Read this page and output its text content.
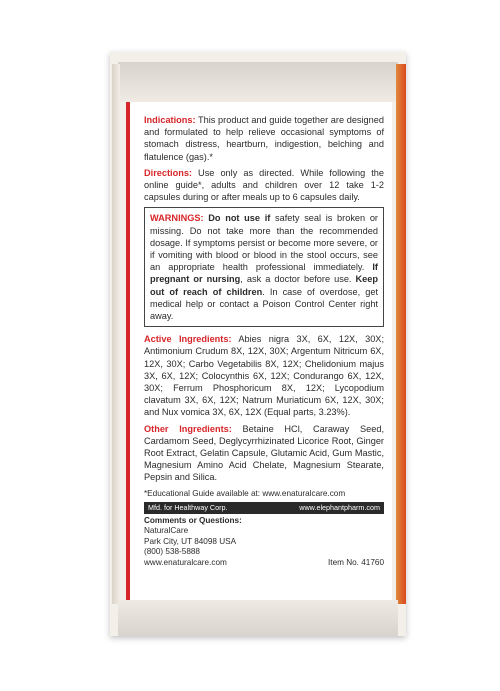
Indications: This product and guide together are designed and formulated to help relieve occasional symptoms of stomach distress, heartburn, indigestion, belching and flatulence (gas).*
Directions: Use only as directed. While following the online guide*, adults and children over 12 take 1-2 capsules during or after meals up to 6 capsules daily.
WARNINGS: Do not use if safety seal is broken or missing. Do not take more than the recommended dosage. If symptoms persist or become more severe, or if vomiting with blood or blood in the stool occurs, see an appropriate health professional immediately. If pregnant or nursing, ask a doctor before use. Keep out of reach of children. In case of overdose, get medical help or contact a Poison Control Center right away.
Active Ingredients: Abies nigra 3X, 6X, 12X, 30X; Antimonium Crudum 8X, 12X, 30X; Argentum Nitricum 6X, 12X, 30X; Carbo Vegetabilis 8X, 12X; Chelidonium majus 3X, 6X, 12X; Colocynthis 6X, 12X; Condurango 6X, 12X, 30X; Ferrum Phosphoricum 8X, 12X; Lycopodium clavatum 3X, 6X, 12X; Natrum Muriaticum 6X, 12X, 30X; and Nux vomica 3X, 6X, 12X (Equal parts, 3.23%).
Other Ingredients: Betaine HCl, Caraway Seed, Cardamom Seed, Deglycyrrhizinated Licorice Root, Ginger Root Extract, Gelatin Capsule, Glutamic Acid, Gum Mastic, Magnesium Amino Acid Chelate, Magnesium Stearate, Pepsin and Silica.
*Educational Guide available at: www.enaturalcare.com
Mfd. for Healthway Corp.	www.elephantpharm.com
Comments or Questions:
NaturalCare
Park City, UT 84098 USA
(800) 538-5888
www.enaturalcare.com	Item No. 41760
